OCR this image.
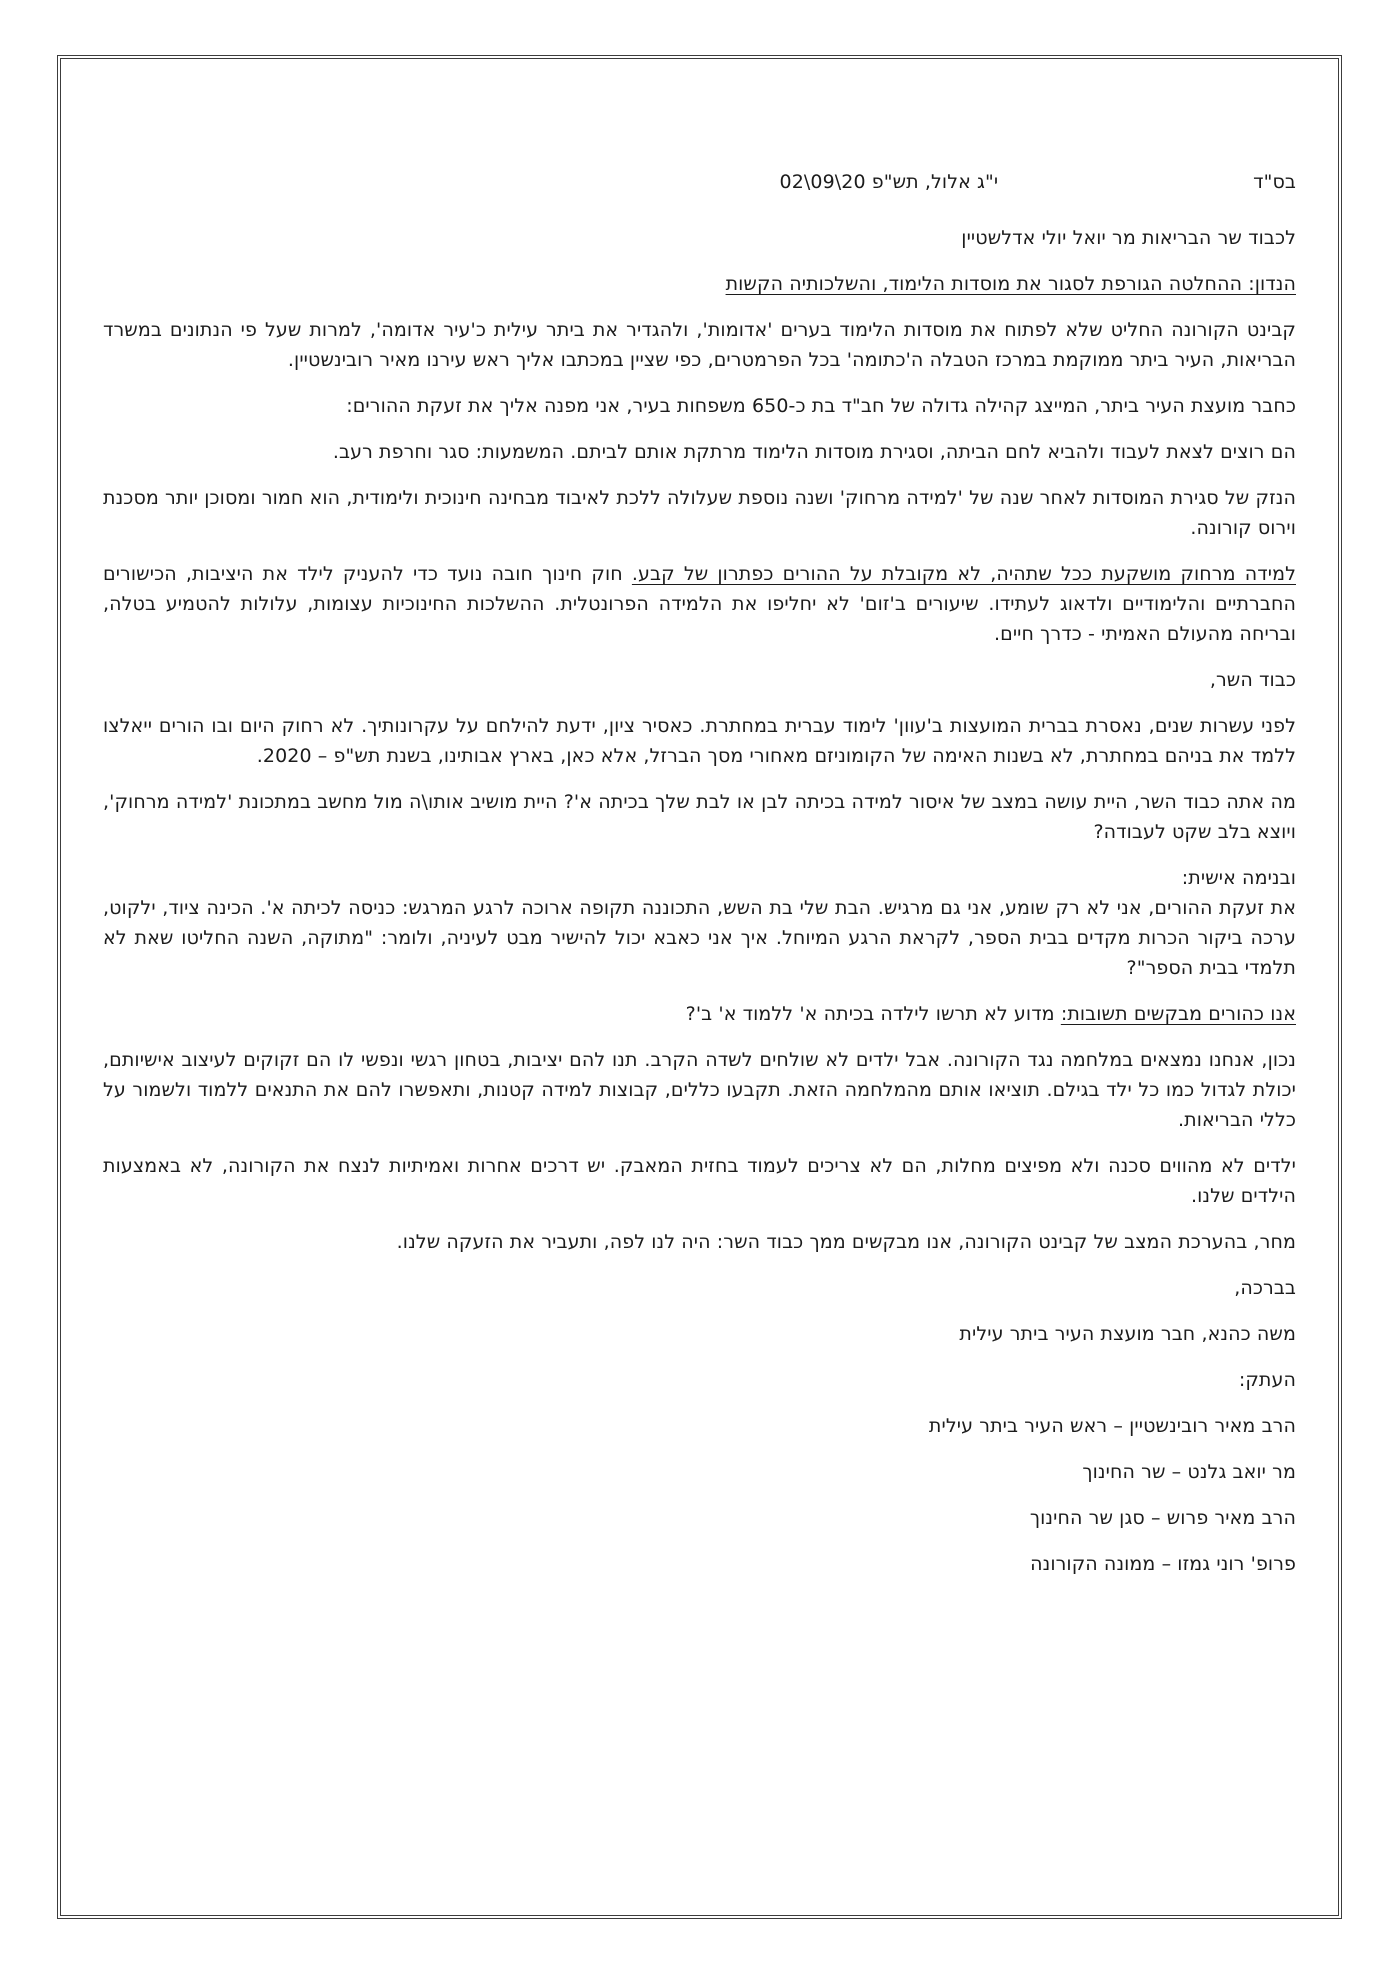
בס"ד
י"ג אלול, תש"פ 02\09\20

לכבוד שר הבריאות מר יואל יולי אדלשטיין

הנדון: ההחלטה הגורפת לסגור את מוסדות הלימוד, והשלכותיה הקשות

קבינט הקורונה החליט שלא לפתוח את מוסדות הלימוד בערים 'אדומות', ולהגדיר את ביתר עילית כ'עיר אדומה', למרות שעל פי הנתונים במשרד הבריאות, העיר ביתר ממוקמת במרכז הטבלה ה'כתומה' בכל הפרמטרים, כפי שציין במכתבו אליך ראש עירנו מאיר רובינשטיין.

כחבר מועצת העיר ביתר, המייצג קהילה גדולה של חב"ד בת כ-650 משפחות בעיר, אני מפנה אליך את זעקת ההורים:

הם רוצים לצאת לעבוד ולהביא לחם הביתה, וסגירת מוסדות הלימוד מרתקת אותם לביתם. המשמעות: סגר וחרפת רעב.

הנזק של סגירת המוסדות לאחר שנה של 'למידה מרחוק' ושנה נוספת שעלולה ללכת לאיבוד מבחינה חינוכית ולימודית, הוא חמור ומסוכן יותר מסכנת וירוס קורונה.

למידה מרחוק מושקעת ככל שתהיה, לא מקובלת על ההורים כפתרון של קבע. חוק חינוך חובה נועד כדי להעניק לילד את היציבות, הכישורים החברתיים והלימודיים ולדאוג לעתידו. שיעורים ב'זום' לא יחליפו את הלמידה הפרונטלית. ההשלכות החינוכיות עצומות, עלולות להטמיע בטלה, ובריחה מהעולם האמיתי - כדרך חיים.

כבוד השר,

לפני עשרות שנים, נאסרת בברית המועצות ב'עוון' לימוד עברית במחתרת. כאסיר ציון, ידעת להילחם על עקרונותיך. לא רחוק היום ובו הורים ייאלצו ללמד את בניהם במחתרת, לא בשנות האימה של הקומוניזם מאחורי מסך הברזל, אלא כאן, בארץ אבותינו, בשנת תש"פ – 2020.

מה אתה כבוד השר, היית עושה במצב של איסור למידה בכיתה לבן או לבת שלך בכיתה א'? היית מושיב אותו\ה מול מחשב במתכונת 'למידה מרחוק', ויוצא בלב שקט לעבודה?

ובנימה אישית:
את זעקת ההורים, אני לא רק שומע, אני גם מרגיש. הבת שלי בת השש, התכוננה תקופה ארוכה לרגע המרגש: כניסה לכיתה א'. הכינה ציוד, ילקוט, ערכה ביקור הכרות מקדים בבית הספר, לקראת הרגע המיוחל. איך אני כאבא יכול להישיר מבט לעיניה, ולומר: "מתוקה, השנה החליטו שאת לא תלמדי בבית הספר"?

אנו כהורים מבקשים תשובות: מדוע לא תרשו לילדה בכיתה א' ללמוד א' ב'?

נכון, אנחנו נמצאים במלחמה נגד הקורונה. אבל ילדים לא שולחים לשדה הקרב. תנו להם יציבות, בטחון רגשי ונפשי לו הם זקוקים לעיצוב אישיותם, יכולת לגדול כמו כל ילד בגילם. תוציאו אותם מהמלחמה הזאת. תקבעו כללים, קבוצות למידה קטנות, ותאפשרו להם את התנאים ללמוד ולשמור על כללי הבריאות.

ילדים לא מהווים סכנה ולא מפיצים מחלות, הם לא צריכים לעמוד בחזית המאבק. יש דרכים אחרות ואמיתיות לנצח את הקורונה, לא באמצעות הילדים שלנו.

מחר, בהערכת המצב של קבינט הקורונה, אנו מבקשים ממך כבוד השר: היה לנו לפה, ותעביר את הזעקה שלנו.

בברכה,

משה כהנא, חבר מועצת העיר ביתר עילית

העתק:

הרב מאיר רובינשטיין – ראש העיר ביתר עילית

מר יואב גלנט – שר החינוך

הרב מאיר פרוש – סגן שר החינוך

פרופ' רוני גמזו – ממונה הקורונה
